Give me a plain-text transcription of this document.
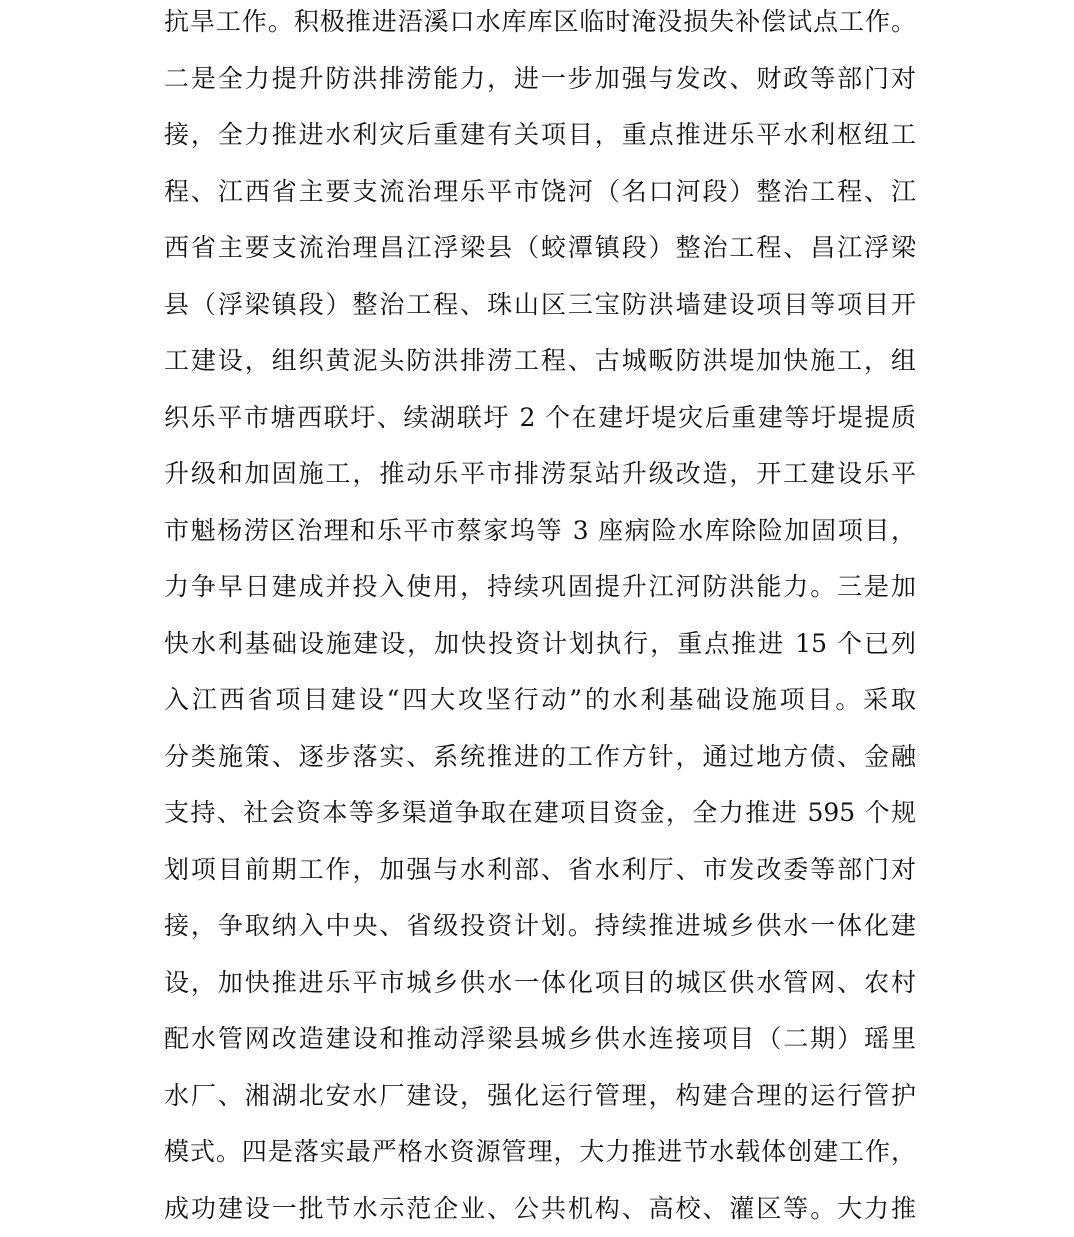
抗旱工作。积极推进浯溪口水库库区临时淹没损失补偿试点工作。
二是全力提升防洪排涝能力，进一步加强与发改、财政等部门对
接，全力推进水利灾后重建有关项目，重点推进乐平水利枢纽工
程、江西省主要支流治理乐平市饶河（名口河段）整治工程、江
西省主要支流治理昌江浮梁县（蛟潭镇段）整治工程、昌江浮梁
县（浮梁镇段）整治工程、珠山区三宝防洪墙建设项目等项目开
工建设，组织黄泥头防洪排涝工程、古城畈防洪堤加快施工，组
织乐平市塘西联圩、续湖联圩 2 个在建圩堤灾后重建等圩堤提质
升级和加固施工，推动乐平市排涝泵站升级改造，开工建设乐平
市魁杨涝区治理和乐平市蔡家坞等 3 座病险水库除险加固项目，
力争早日建成并投入使用，持续巩固提升江河防洪能力。三是加
快水利基础设施建设，加快投资计划执行，重点推进 15 个已列
入江西省项目建设“四大攻坚行动”的水利基础设施项目。采取
分类施策、逐步落实、系统推进的工作方针，通过地方债、金融
支持、社会资本等多渠道争取在建项目资金，全力推进 595 个规
划项目前期工作，加强与水利部、省水利厅、市发改委等部门对
接，争取纳入中央、省级投资计划。持续推进城乡供水一体化建
设，加快推进乐平市城乡供水一体化项目的城区供水管网、农村
配水管网改造建设和推动浮梁县城乡供水连接项目（二期）瑶里
水厂、湘湖北安水厂建设，强化运行管理，构建合理的运行管护
模式。四是落实最严格水资源管理，大力推进节水载体创建工作，
成功建设一批节水示范企业、公共机构、高校、灌区等。大力推
